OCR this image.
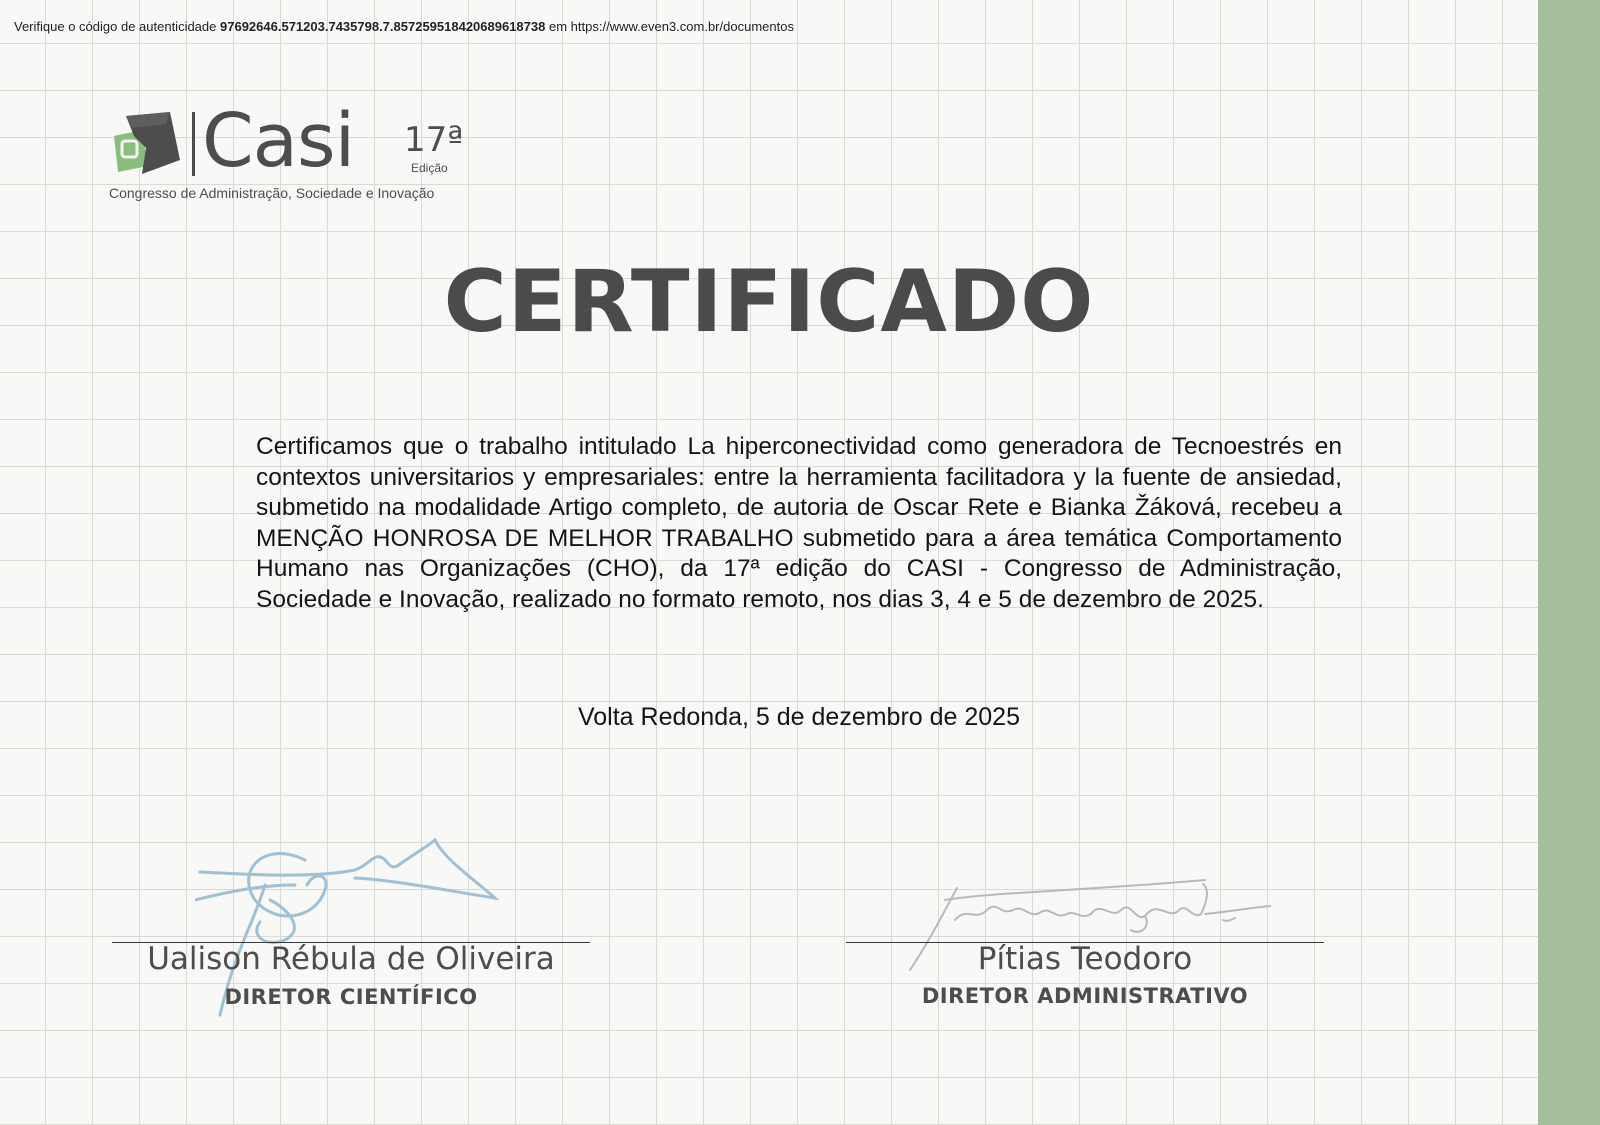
Verifique o código de autenticidade 97692646.571203.7435798.7.8572595184206896187​38 em https://www.even3.com.br/documentos
Casi 17ª
Edição
Congresso de Administração, Sociedade e Inovação
CERTIFICADO
Certificamos que o trabalho intitulado La hiperconectividad como generadora de Tecnoestrés en contextos universitarios y empresariales: entre la herramienta facilitadora y la fuente de ansiedad, submetido na modalidade Artigo completo, de autoria de Oscar Rete e Bianka Žáková, recebeu a MENÇÃO HONROSA DE MELHOR TRABALHO submetido para a área temática Comportamento Humano nas Organizações (CHO), da 17ª edição do CASI - Congresso de Administração, Sociedade e Inovação, realizado no formato remoto, nos dias 3, 4 e 5 de dezembro de 2025.
Volta Redonda, 5 de dezembro de 2025
Ualison Rébula de Oliveira
DIRETOR CIENTÍFICO
Pítias Teodoro
DIRETOR ADMINISTRATIVO
